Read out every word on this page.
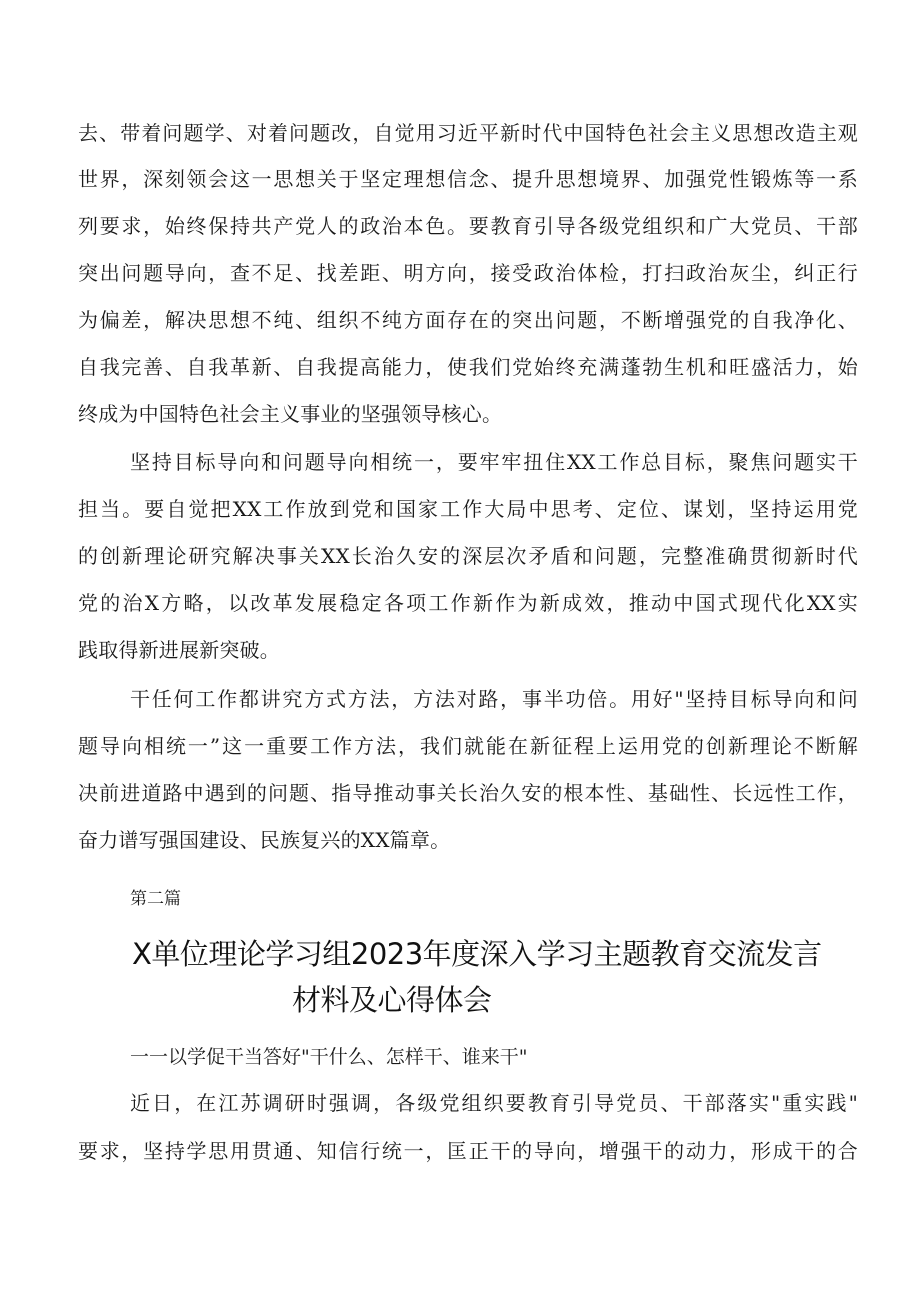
去、带着问题学、对着问题改，自觉用习近平新时代中国特色社会主义思想改造主观
世界，深刻领会这一思想关于坚定理想信念、提升思想境界、加强党性锻炼等一系
列要求，始终保持共产党人的政治本色。要教育引导各级党组织和广大党员、干部
突出问题导向，查不足、找差距、明方向，接受政治体检，打扫政治灰尘，纠正行
为偏差，解决思想不纯、组织不纯方面存在的突出问题，不断增强党的自我净化、
自我完善、自我革新、自我提高能力，使我们党始终充满蓬勃生机和旺盛活力，始
终成为中国特色社会主义事业的坚强领导核心。
坚持目标导向和问题导向相统一，要牢牢扭住XX工作总目标，聚焦问题实干
担当。要自觉把XX工作放到党和国家工作大局中思考、定位、谋划，坚持运用党
的创新理论研究解决事关XX长治久安的深层次矛盾和问题，完整准确贯彻新时代
党的治X方略，以改革发展稳定各项工作新作为新成效，推动中国式现代化XX实
践取得新进展新突破。
干任何工作都讲究方式方法，方法对路，事半功倍。用好"坚持目标导向和问
题导向相统一”这一重要工作方法，我们就能在新征程上运用党的创新理论不断解
决前进道路中遇到的问题、指导推动事关长治久安的根本性、基础性、长远性工作，
奋力谱写强国建设、民族复兴的XX篇章。
第二篇
X单位理论学习组2023年度深入学习主题教育交流发言
材料及心得体会
一一以学促干当答好"干什么、怎样干、谁来干"
近日，在江苏调研时强调，各级党组织要教育引导党员、干部落实"重实践"
要求，坚持学思用贯通、知信行统一，匡正干的导向，增强干的动力，形成干的合
